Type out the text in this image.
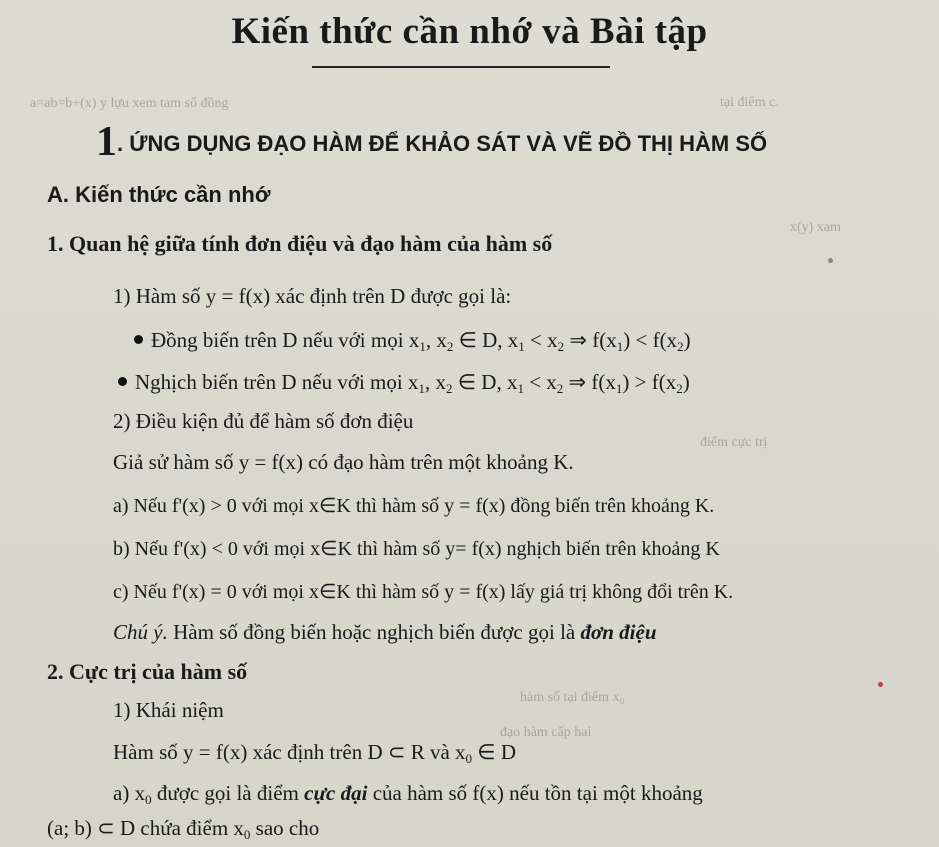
tại điểm c.
a=ab=b+(x) y lựu xem tam số đồng
x(y) xam
điểm cực trị
hàm số tại điểm x₀
đạo hàm cấp hai
Kiến thức cần nhớ và Bài tập
1. ỨNG DỤNG ĐẠO HÀM ĐỂ KHẢO SÁT VÀ VẼ ĐỒ THỊ HÀM SỐ
A. Kiến thức cần nhớ
1. Quan hệ giữa tính đơn điệu và đạo hàm của hàm số
1) Hàm số y = f(x) xác định trên D được gọi là:
Đồng biến trên D nếu với mọi $x_1$, $x_2$ ∈ D, $x_1 < x_2$ ⇒ $f(x_1) < f(x_2)$
Nghịch biến trên D nếu với mọi $x_1$, $x_2$ ∈ D, $x_1 < x_2$ ⇒ $f(x_1) > f(x_2)$
2) Điều kiện đủ để hàm số đơn điệu
Giả sử hàm số y = f(x) có đạo hàm trên một khoảng K.
a) Nếu f'(x) > 0 với mọi x∈K thì hàm số y = f(x) đồng biến trên khoảng K.
b) Nếu f'(x) < 0 với mọi x∈K thì hàm số y= f(x) nghịch biến trên khoảng K
c) Nếu f'(x) = 0 với mọi x∈K thì hàm số y = f(x) lấy giá trị không đổi trên K.
Chú ý. Hàm số đồng biến hoặc nghịch biến được gọi là đơn điệu
2. Cực trị của hàm số
1) Khái niệm
Hàm số y = f(x) xác định trên D ⊂ R và $x_0$ ∈ D
a) $x_0$ được gọi là điểm cực đại của hàm số f(x) nếu tồn tại một khoảng
(a; b) ⊂ D chứa điểm $x_0$ sao cho
